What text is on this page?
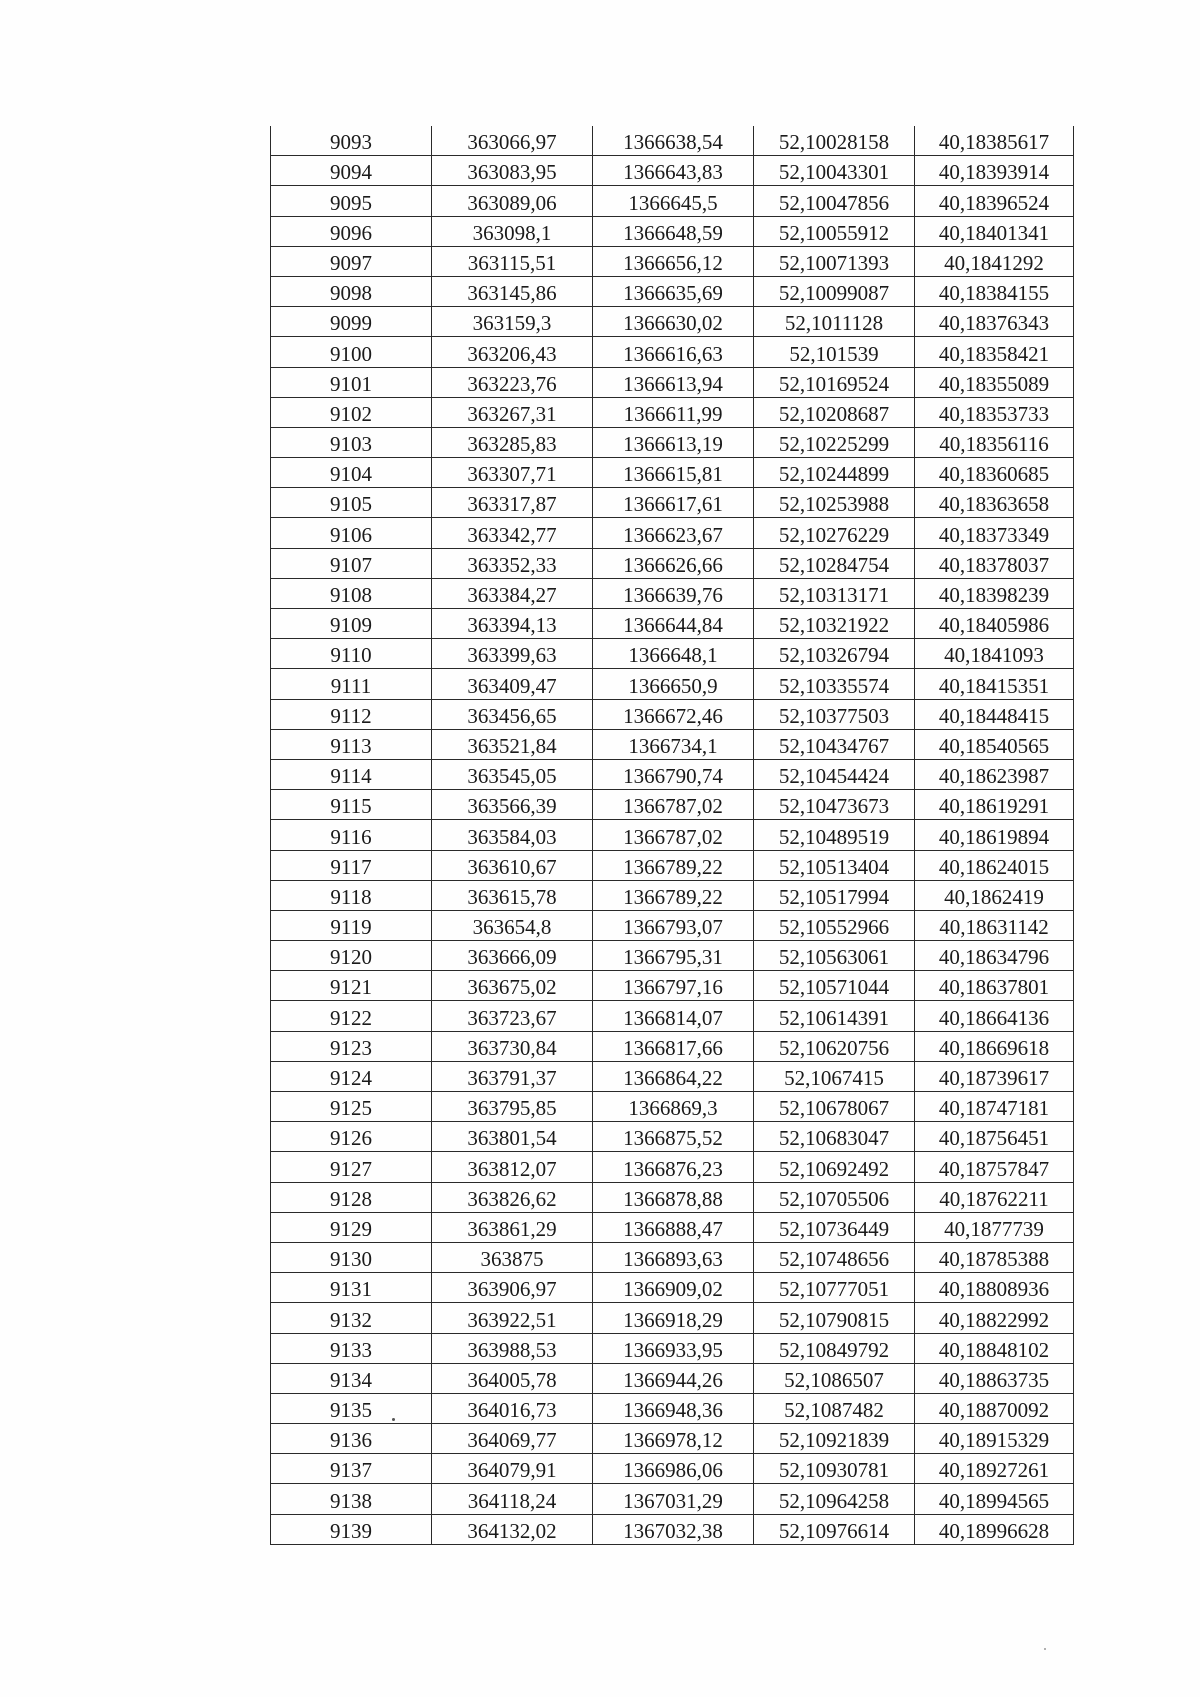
9093	363066,97	1366638,54	52,10028158	40,18385617
9094	363083,95	1366643,83	52,10043301	40,18393914
9095	363089,06	1366645,5	52,10047856	40,18396524
9096	363098,1	1366648,59	52,10055912	40,18401341
9097	363115,51	1366656,12	52,10071393	40,1841292
9098	363145,86	1366635,69	52,10099087	40,18384155
9099	363159,3	1366630,02	52,1011128	40,18376343
9100	363206,43	1366616,63	52,101539	40,18358421
9101	363223,76	1366613,94	52,10169524	40,18355089
9102	363267,31	1366611,99	52,10208687	40,18353733
9103	363285,83	1366613,19	52,10225299	40,18356116
9104	363307,71	1366615,81	52,10244899	40,18360685
9105	363317,87	1366617,61	52,10253988	40,18363658
9106	363342,77	1366623,67	52,10276229	40,18373349
9107	363352,33	1366626,66	52,10284754	40,18378037
9108	363384,27	1366639,76	52,10313171	40,18398239
9109	363394,13	1366644,84	52,10321922	40,18405986
9110	363399,63	1366648,1	52,10326794	40,1841093
9111	363409,47	1366650,9	52,10335574	40,18415351
9112	363456,65	1366672,46	52,10377503	40,18448415
9113	363521,84	1366734,1	52,10434767	40,18540565
9114	363545,05	1366790,74	52,10454424	40,18623987
9115	363566,39	1366787,02	52,10473673	40,18619291
9116	363584,03	1366787,02	52,10489519	40,18619894
9117	363610,67	1366789,22	52,10513404	40,18624015
9118	363615,78	1366789,22	52,10517994	40,1862419
9119	363654,8	1366793,07	52,10552966	40,18631142
9120	363666,09	1366795,31	52,10563061	40,18634796
9121	363675,02	1366797,16	52,10571044	40,18637801
9122	363723,67	1366814,07	52,10614391	40,18664136
9123	363730,84	1366817,66	52,10620756	40,18669618
9124	363791,37	1366864,22	52,1067415	40,18739617
9125	363795,85	1366869,3	52,10678067	40,18747181
9126	363801,54	1366875,52	52,10683047	40,18756451
9127	363812,07	1366876,23	52,10692492	40,18757847
9128	363826,62	1366878,88	52,10705506	40,18762211
9129	363861,29	1366888,47	52,10736449	40,1877739
9130	363875	1366893,63	52,10748656	40,18785388
9131	363906,97	1366909,02	52,10777051	40,18808936
9132	363922,51	1366918,29	52,10790815	40,18822992
9133	363988,53	1366933,95	52,10849792	40,18848102
9134	364005,78	1366944,26	52,1086507	40,18863735
9135	364016,73	1366948,36	52,1087482	40,18870092
9136	364069,77	1366978,12	52,10921839	40,18915329
9137	364079,91	1366986,06	52,10930781	40,18927261
9138	364118,24	1367031,29	52,10964258	40,18994565
9139	364132,02	1367032,38	52,10976614	40,18996628
